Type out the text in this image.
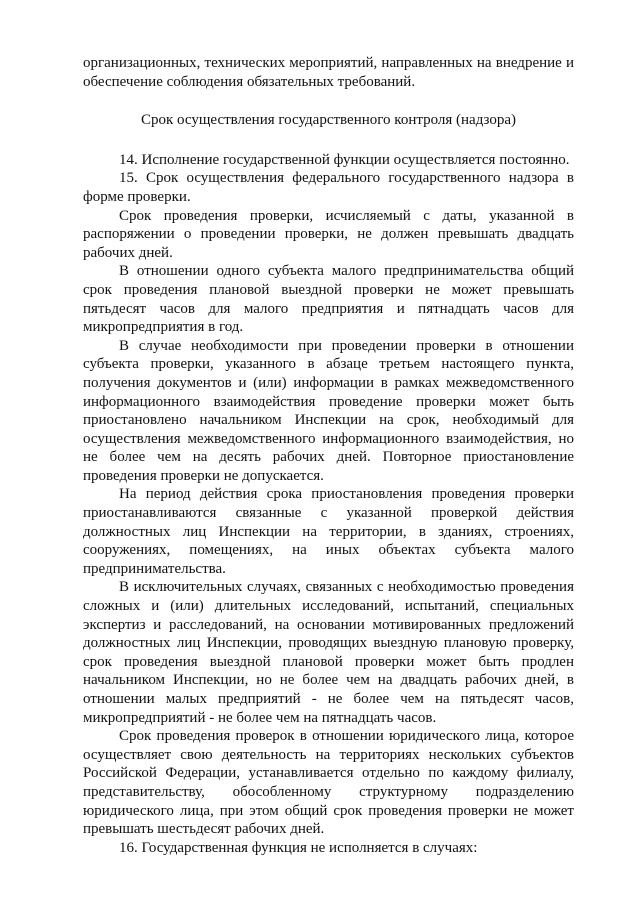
организационных, технических мероприятий, направленных на внедрение и обеспечение соблюдения обязательных требований.

Срок осуществления государственного контроля (надзора)

14. Исполнение государственной функции осуществляется постоянно.

15. Срок осуществления федерального государственного надзора в форме проверки.

Срок проведения проверки, исчисляемый с даты, указанной в распоряжении о проведении проверки, не должен превышать двадцать рабочих дней.

В отношении одного субъекта малого предпринимательства общий срок проведения плановой выездной проверки не может превышать пятьдесят часов для малого предприятия и пятнадцать часов для микропредприятия в год.

В случае необходимости при проведении проверки в отношении субъекта проверки, указанного в абзаце третьем настоящего пункта, получения документов и (или) информации в рамках межведомственного информационного взаимодействия проведение проверки может быть приостановлено начальником Инспекции на срок, необходимый для осуществления межведомственного информационного взаимодействия, но не более чем на десять рабочих дней. Повторное приостановление проведения проверки не допускается.

На период действия срока приостановления проведения проверки приостанавливаются связанные с указанной проверкой действия должностных лиц Инспекции на территории, в зданиях, строениях, сооружениях, помещениях, на иных объектах субъекта малого предпринимательства.

В исключительных случаях, связанных с необходимостью проведения сложных и (или) длительных исследований, испытаний, специальных экспертиз и расследований, на основании мотивированных предложений должностных лиц Инспекции, проводящих выездную плановую проверку, срок проведения выездной плановой проверки может быть продлен начальником Инспекции, но не более чем на двадцать рабочих дней, в отношении малых предприятий - не более чем на пятьдесят часов, микропредприятий - не более чем на пятнадцать часов.

Срок проведения проверок в отношении юридического лица, которое осуществляет свою деятельность на территориях нескольких субъектов Российской Федерации, устанавливается отдельно по каждому филиалу, представительству, обособленному структурному подразделению юридического лица, при этом общий срок проведения проверки не может превышать шестьдесят рабочих дней.

16. Государственная функция не исполняется в случаях:
